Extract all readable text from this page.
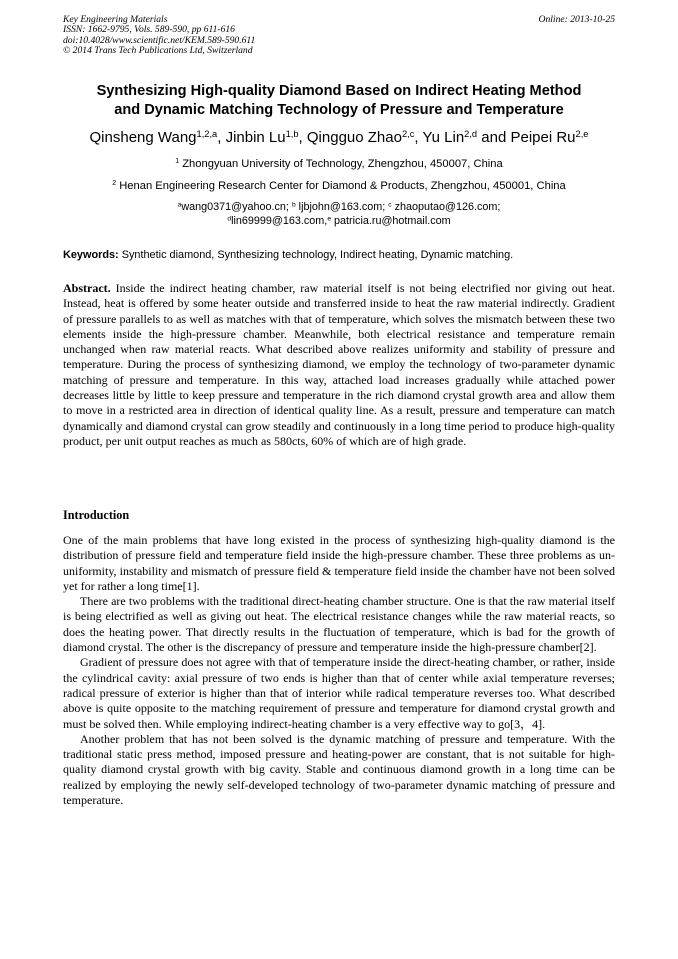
Key Engineering Materials
ISSN: 1662-9795, Vols. 589-590, pp 611-616
doi:10.4028/www.scientific.net/KEM.589-590.611
© 2014 Trans Tech Publications Ltd, Switzerland
Online: 2013-10-25
Synthesizing High-quality Diamond Based on Indirect Heating Method
and Dynamic Matching Technology of Pressure and Temperature
Qinsheng Wang$^{1,2,a}$, Jinbin Lu$^{1,b}$, Qingguo Zhao$^{2,c}$, Yu Lin$^{2,d}$ and Peipei Ru$^{2,e}$
$^1$ Zhongyuan University of Technology, Zhengzhou, 450007, China
$^2$ Henan Engineering Research Center for Diamond & Products, Zhengzhou, 450001, China
$^a$wang0371@yahoo.cn; $^b$ ljbjohn@163.com; $^c$ zhaoputao@126.com;
$^d$lin69999@163.com,$^e$ patricia.ru@hotmail.com
Keywords: Synthetic diamond, Synthesizing technology, Indirect heating, Dynamic matching.
Abstract. Inside the indirect heating chamber, raw material itself is not being electrified nor giving out heat. Instead, heat is offered by some heater outside and transferred inside to heat the raw material indirectly. Gradient of pressure parallels to as well as matches with that of temperature, which solves the mismatch between these two elements inside the high-pressure chamber. Meanwhile, both electrical resistance and temperature remain unchanged when raw material reacts. What described above realizes uniformity and stability of pressure and temperature. During the process of synthesizing diamond, we employ the technology of two-parameter dynamic matching of pressure and temperature. In this way, attached load increases gradually while attached power decreases little by little to keep pressure and temperature in the rich diamond crystal growth area and allow them to move in a restricted area in direction of identical quality line. As a result, pressure and temperature can match dynamically and diamond crystal can grow steadily and continuously in a long time period to produce high-quality product, per unit output reaches as much as 580cts, 60% of which are of high grade.
Introduction

One of the main problems that have long existed in the process of synthesizing high-quality diamond is the distribution of pressure field and temperature field inside the high-pressure chamber. These three problems as un-uniformity, instability and mismatch of pressure field & temperature field inside the chamber have not been solved yet for rather a long time[1].

There are two problems with the traditional direct-heating chamber structure. One is that the raw material itself is being electrified as well as giving out heat. The electrical resistance changes while the raw material reacts, so does the heating power. That directly results in the fluctuation of temperature, which is bad for the growth of diamond crystal. The other is the discrepancy of pressure and temperature inside the high-pressure chamber[2].

Gradient of pressure does not agree with that of temperature inside the direct-heating chamber, or rather, inside the cylindrical cavity: axial pressure of two ends is higher than that of center while axial temperature reverses; radical pressure of exterior is higher than that of interior while radical temperature reverses too. What described above is quite opposite to the matching requirement of pressure and temperature for diamond crystal growth and must be solved then. While employing indirect-heating chamber is a very effective way to go[3，4].

Another problem that has not been solved is the dynamic matching of pressure and temperature. With the traditional static press method, imposed pressure and heating-power are constant, that is not suitable for high-quality diamond crystal growth with big cavity. Stable and continuous diamond growth in a long time can be realized by employing the newly self-developed technology of two-parameter dynamic matching of pressure and temperature.
